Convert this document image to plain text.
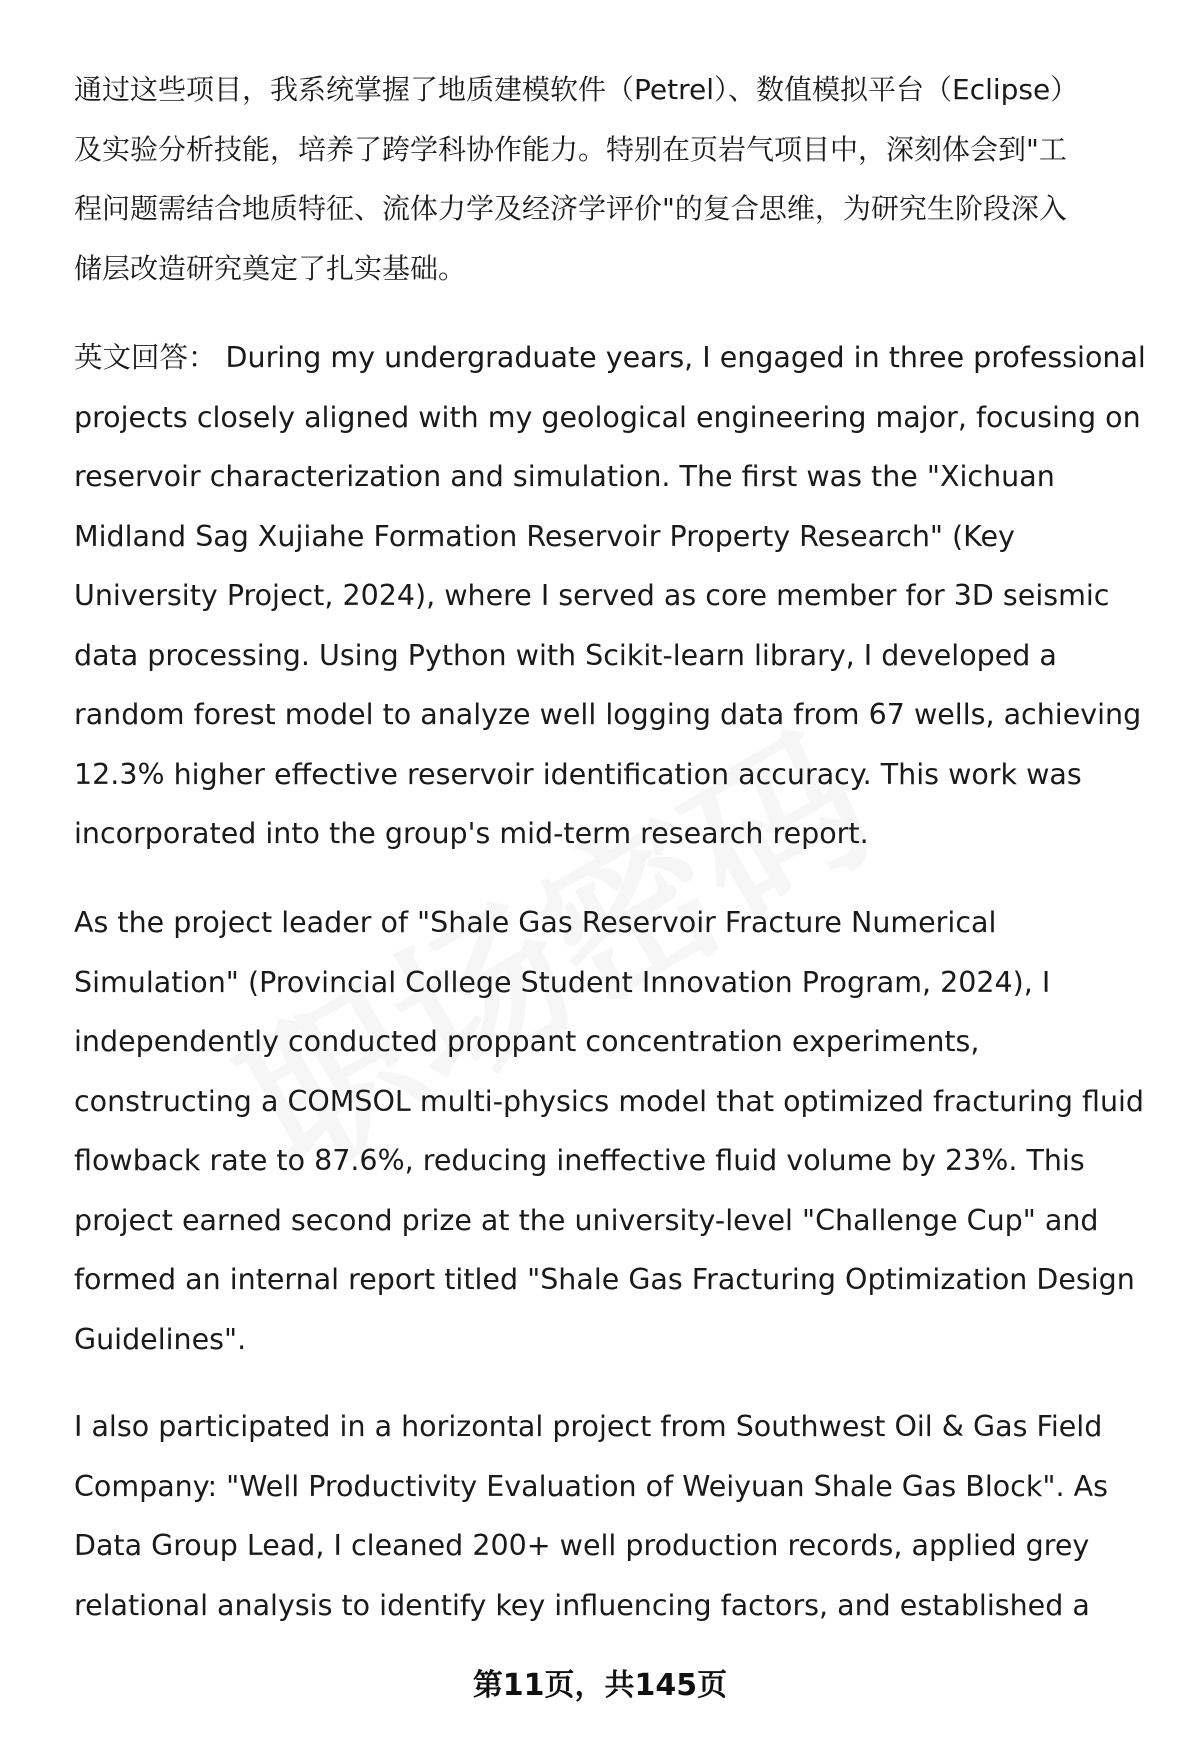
通过这些项目，我系统掌握了地质建模软件（Petrel）、数值模拟平台（Eclipse）
及实验分析技能，培养了跨学科协作能力。特别在页岩气项目中，深刻体会到"工
程问题需结合地质特征、流体力学及经济学评价"的复合思维，为研究生阶段深入
储层改造研究奠定了扎实基础。
英文回答： During my undergraduate years, I engaged in three professional
projects closely aligned with my geological engineering major, focusing on
reservoir characterization and simulation. The first was the "Xichuan
Midland Sag Xujiahe Formation Reservoir Property Research" (Key
University Project, 2024), where I served as core member for 3D seismic
data processing. Using Python with Scikit-learn library, I developed a
random forest model to analyze well logging data from 67 wells, achieving
12.3% higher effective reservoir identification accuracy. This work was
incorporated into the group's mid-term research report.
As the project leader of "Shale Gas Reservoir Fracture Numerical
Simulation" (Provincial College Student Innovation Program, 2024), I
independently conducted proppant concentration experiments,
constructing a COMSOL multi-physics model that optimized fracturing fluid
flowback rate to 87.6%, reducing ineffective fluid volume by 23%. This
project earned second prize at the university-level "Challenge Cup" and
formed an internal report titled "Shale Gas Fracturing Optimization Design
Guidelines".
I also participated in a horizontal project from Southwest Oil & Gas Field
Company: "Well Productivity Evaluation of Weiyuan Shale Gas Block". As
Data Group Lead, I cleaned 200+ well production records, applied grey
relational analysis to identify key influencing factors, and established a
第11页，共145页
